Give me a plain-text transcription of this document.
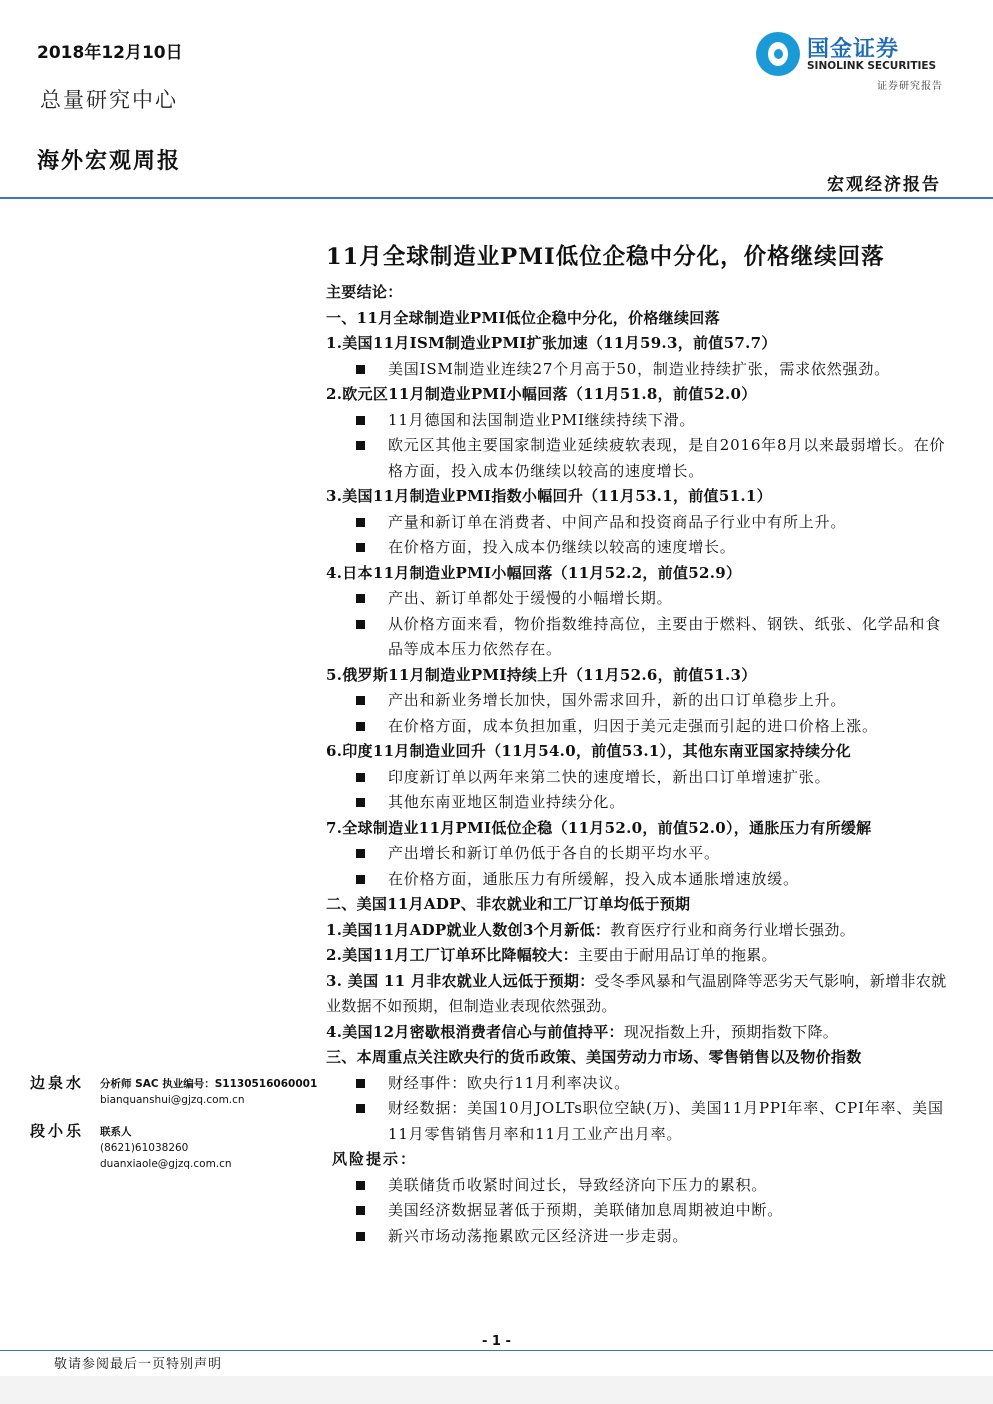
2018年12月10日
总量研究中心
海外宏观周报
国金证券
SINOLINK SECURITIES
证券研究报告
宏观经济报告
11月全球制造业PMI低位企稳中分化，价格继续回落
主要结论：
一、11月全球制造业PMI低位企稳中分化，价格继续回落
1.美国11月ISM制造业PMI扩张加速（11月59.3，前值57.7）
美国ISM制造业连续27个月高于50，制造业持续扩张，需求依然强劲。
2.欧元区11月制造业PMI小幅回落（11月51.8，前值52.0）
11月德国和法国制造业PMI继续持续下滑。
欧元区其他主要国家制造业延续疲软表现，是自2016年8月以来最弱增长。在价格方面，投入成本仍继续以较高的速度增长。
3.美国11月制造业PMI指数小幅回升（11月53.1，前值51.1）
产量和新订单在消费者、中间产品和投资商品子行业中有所上升。
在价格方面，投入成本仍继续以较高的速度增长。
4.日本11月制造业PMI小幅回落（11月52.2，前值52.9）
产出、新订单都处于缓慢的小幅增长期。
从价格方面来看，物价指数维持高位，主要由于燃料、钢铁、纸张、化学品和食品等成本压力依然存在。
5.俄罗斯11月制造业PMI持续上升（11月52.6，前值51.3）
产出和新业务增长加快，国外需求回升，新的出口订单稳步上升。
在价格方面，成本负担加重，归因于美元走强而引起的进口价格上涨。
6.印度11月制造业回升（11月54.0，前值53.1），其他东南亚国家持续分化
印度新订单以两年来第二快的速度增长，新出口订单增速扩张。
其他东南亚地区制造业持续分化。
7.全球制造业11月PMI低位企稳（11月52.0，前值52.0），通胀压力有所缓解
产出增长和新订单仍低于各自的长期平均水平。
在价格方面，通胀压力有所缓解，投入成本通胀增速放缓。
二、美国11月ADP、非农就业和工厂订单均低于预期
1.美国11月ADP就业人数创3个月新低：教育医疗行业和商务行业增长强劲。
2.美国11月工厂订单环比降幅较大：主要由于耐用品订单的拖累。
3. 美国 11 月非农就业人远低于预期：受冬季风暴和气温剧降等恶劣天气影响，新增非农就业数据不如预期，但制造业表现依然强劲。
4.美国12月密歇根消费者信心与前值持平：现况指数上升，预期指数下降。
三、本周重点关注欧央行的货币政策、美国劳动力市场、零售销售以及物价指数
财经事件：欧央行11月利率决议。
财经数据：美国10月JOLTs职位空缺(万)、美国11月PPI年率、CPI年率、美国11月零售销售月率和11月工业产出月率。
风险提示：
美联储货币收紧时间过长，导致经济向下压力的累积。
美国经济数据显著低于预期，美联储加息周期被迫中断。
新兴市场动荡拖累欧元区经济进一步走弱。
边泉水 分析师 SAC 执业编号：S1130516060001
bianquanshui@gjzq.com.cn
段小乐 联系人
(8621)61038260
duanxiaole@gjzq.com.cn
- 1 -
敬请参阅最后一页特别声明
